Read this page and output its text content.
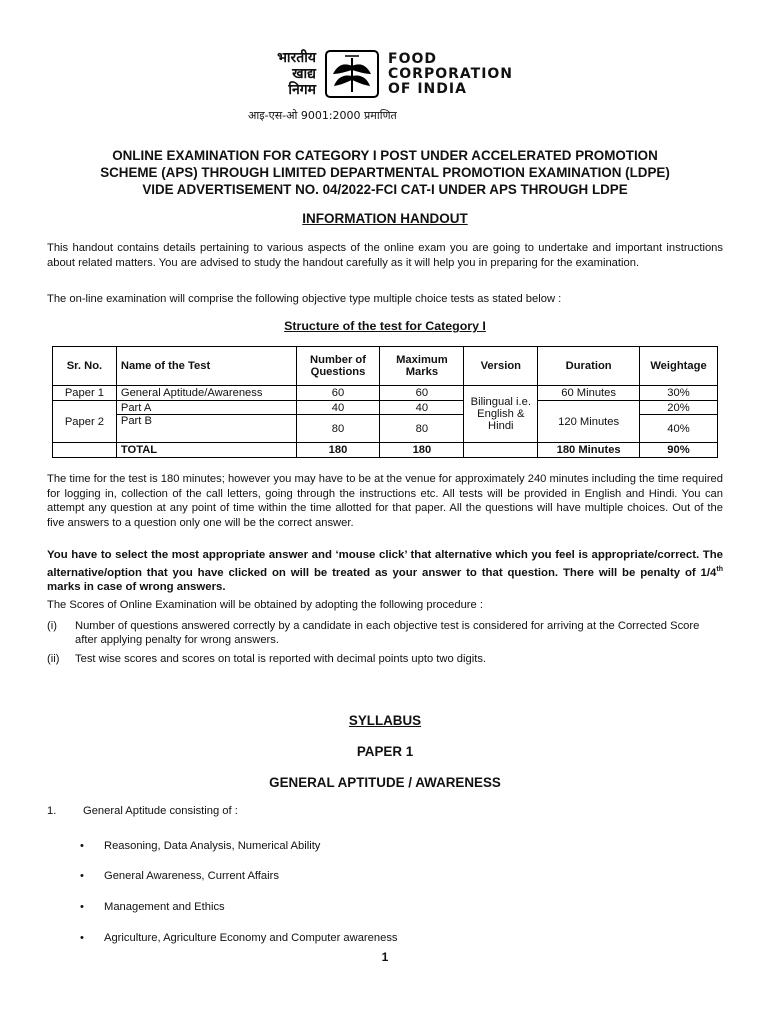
भारतीय
खाद्य
निगम
FOOD
CORPORATION
OF INDIA
आइ-एस-ओ 9001:2000 प्रमाणित
ONLINE EXAMINATION FOR CATEGORY I POST UNDER ACCELERATED PROMOTION
SCHEME (APS) THROUGH LIMITED DEPARTMENTAL PROMOTION EXAMINATION (LDPE)
VIDE ADVERTISEMENT NO. 04/2022-FCI CAT-I UNDER APS THROUGH LDPE
INFORMATION HANDOUT
This handout contains details pertaining to various aspects of the online exam you are going to undertake and important instructions about related matters. You are advised to study the handout carefully as it will help you in preparing for the examination.
The on-line examination will comprise the following objective type multiple choice tests as stated below :
Structure of the test for Category I
Sr. No.	Name of the Test	Number of Questions	Maximum Marks	Version	Duration	Weightage
Paper 1	General Aptitude/Awareness	60	60	Bilingual i.e. English & Hindi	60 Minutes	30%
Paper 2	Part A	40	40		120 Minutes	20%
	Part B	80	80			40%
	TOTAL	180	180		180 Minutes	90%
The time for the test is 180 minutes; however you may have to be at the venue for approximately 240 minutes including the time required for logging in, collection of the call letters, going through the instructions etc. All tests will be provided in English and Hindi. You can attempt any question at any point of time within the time allotted for that paper. All the questions will have multiple choices. Out of the five answers to a question only one will be the correct answer.
You have to select the most appropriate answer and ‘mouse click’ that alternative which you feel is appropriate/correct. The alternative/option that you have clicked on will be treated as your answer to that question. There will be penalty of 1/4th marks in case of wrong answers.
The Scores of Online Examination will be obtained by adopting the following procedure :
(i) Number of questions answered correctly by a candidate in each objective test is considered for arriving at the Corrected Score after applying penalty for wrong answers.
(ii) Test wise scores and scores on total is reported with decimal points upto two digits.
SYLLABUS
PAPER 1
GENERAL APTITUDE / AWARENESS
1. General Aptitude consisting of :
• Reasoning, Data Analysis, Numerical Ability
• General Awareness, Current Affairs
• Management and Ethics
• Agriculture, Agriculture Economy and Computer awareness
1
